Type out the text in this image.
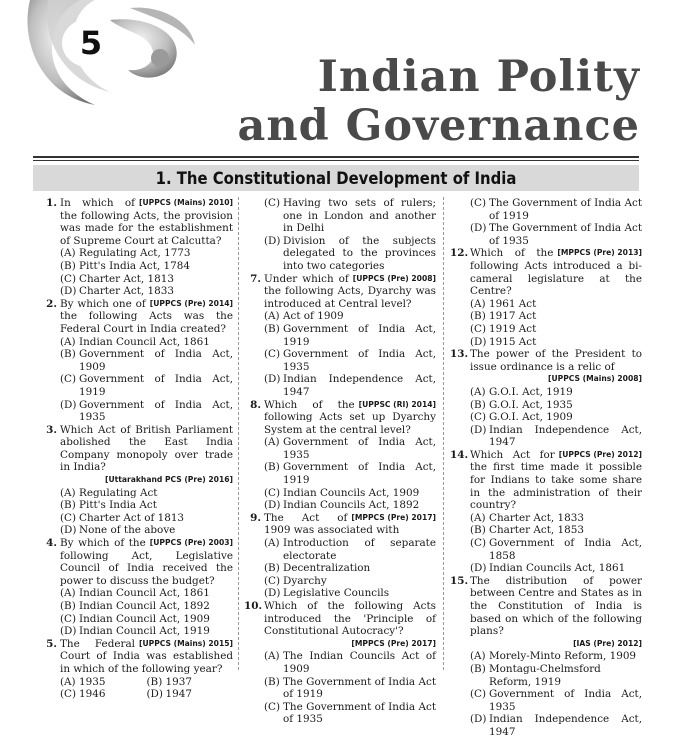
5
Indian Polity
and Governance
1. The Constitutional Development of India
1.	[UPPCS (Mains) 2010]
In which of the following Acts, the provision was made for the establishment of Supreme Court at Calcutta?
(A) Regulating Act, 1773
(B) Pitt's India Act, 1784
(C) Charter Act, 1813
(D) Charter Act, 1833
2.	[UPPCS (Pre) 2014]
By which one of the following Acts was the Federal Court in India created?
(A) Indian Council Act, 1861
(B) Government of India Act, 1909
(C) Government of India Act, 1919
(D) Government of India Act, 1935
3. Which Act of British Parliament abolished the East India Company monopoly over trade in India?
[Uttarakhand PCS (Pre) 2016]
(A) Regulating Act
(B) Pitt's India Act
(C) Charter Act of 1813
(D) None of the above
4.	[UPPCS (Pre) 2003]
By which of the following Act, Legislative Council of India received the power to discuss the budget?
(A) Indian Council Act, 1861
(B) Indian Council Act, 1892
(C) Indian Council Act, 1909
(D) Indian Council Act, 1919
5.	[UPPCS (Mains) 2015]
The Federal Court of India was established in which of the following year?
(A) 1935	(B) 1937
(C) 1946	(D) 1947
(C) Having two sets of rulers; one in London and another in Delhi
(D) Division of the subjects delegated to the provinces into two categories
7.	[UPPCS (Pre) 2008]
Under which of the following Acts, Dyarchy was introduced at Central level?
(A) Act of 1909
(B) Government of India Act, 1919
(C) Government of India Act, 1935
(D) Indian Independence Act, 1947
8.	[UPPSC (RI) 2014]
Which of the following Acts set up Dyarchy System at the central level?
(A) Government of India Act, 1935
(B) Government of India Act, 1919
(C) Indian Councils Act, 1909
(D) Indian Councils Act, 1892
9.	[MPPCS (Pre) 2017]
The Act of 1909 was associated with
(A) Introduction of separate electorate
(B) Decentralization
(C) Dyarchy
(D) Legislative Councils
10. Which of the following Acts introduced the 'Principle of Constitutional Autocracy'?
[MPPCS (Pre) 2017]
(A) The Indian Councils Act of 1909
(B) The Government of India Act of 1919
(C) The Government of India Act of 1935
(C) The Government of India Act of 1919
(D) The Government of India Act of 1935
12.	[MPPCS (Pre) 2013]
Which of the following Acts introduced a bi-cameral legislature at the Centre?
(A) 1961 Act
(B) 1917 Act
(C) 1919 Act
(D) 1915 Act
13. The power of the President to issue ordinance is a relic of
[UPPCS (Mains) 2008]
(A) G.O.I. Act, 1919
(B) G.O.I. Act, 1935
(C) G.O.I. Act, 1909
(D) Indian Independence Act, 1947
14.	[UPPCS (Pre) 2012]
Which Act for the first time made it possible for Indians to take some share in the administration of their country?
(A) Charter Act, 1833
(B) Charter Act, 1853
(C) Government of India Act, 1858
(D) Indian Councils Act, 1861
15. The distribution of power between Centre and States as in the Constitution of India is based on which of the following plans?
[IAS (Pre) 2012]
(A) Morely-Minto Reform, 1909
(B) Montagu-Chelmsford Reform, 1919
(C) Government of India Act, 1935
(D) Indian Independence Act, 1947
